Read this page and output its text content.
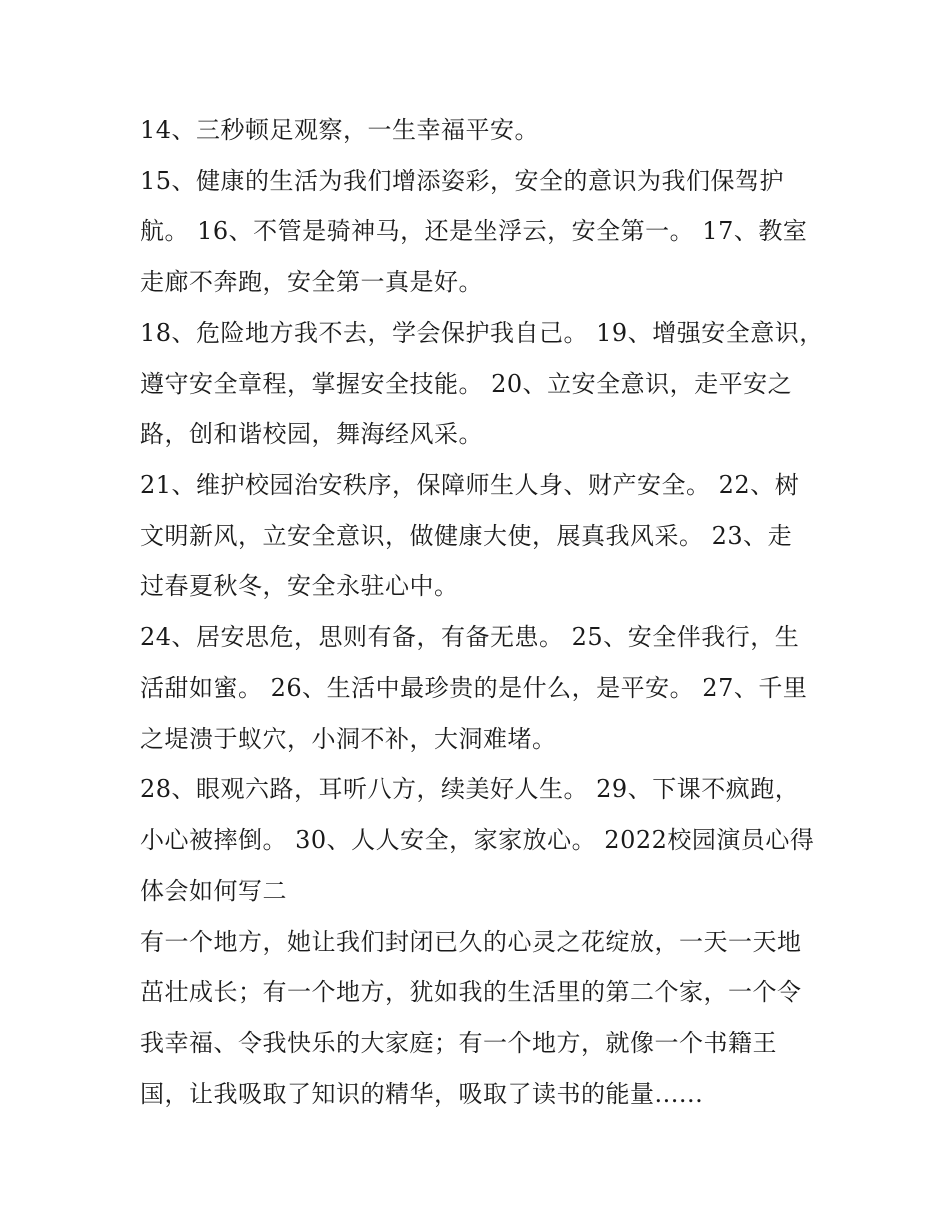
14、三秒顿足观察，一生幸福平安。
15、健康的生活为我们增添姿彩，安全的意识为我们保驾护
航。 16、不管是骑神马，还是坐浮云，安全第一。 17、教室
走廊不奔跑，安全第一真是好。
18、危险地方我不去，学会保护我自己。 19、增强安全意识，
遵守安全章程，掌握安全技能。 20、立安全意识，走平安之
路，创和谐校园，舞海经风采。
21、维护校园治安秩序，保障师生人身、财产安全。 22、树
文明新风，立安全意识，做健康大使，展真我风采。 23、走
过春夏秋冬，安全永驻心中。
24、居安思危，思则有备，有备无患。 25、安全伴我行，生
活甜如蜜。 26、生活中最珍贵的是什么，是平安。 27、千里
之堤溃于蚁穴，小洞不补，大洞难堵。
28、眼观六路，耳听八方，续美好人生。 29、下课不疯跑，
小心被摔倒。 30、人人安全，家家放心。 2022校园演员心得
体会如何写二
有一个地方，她让我们封闭已久的心灵之花绽放，一天一天地
茁壮成长；有一个地方，犹如我的生活里的第二个家，一个令
我幸福、令我快乐的大家庭；有一个地方，就像一个书籍王
国，让我吸取了知识的精华，吸取了读书的能量......
